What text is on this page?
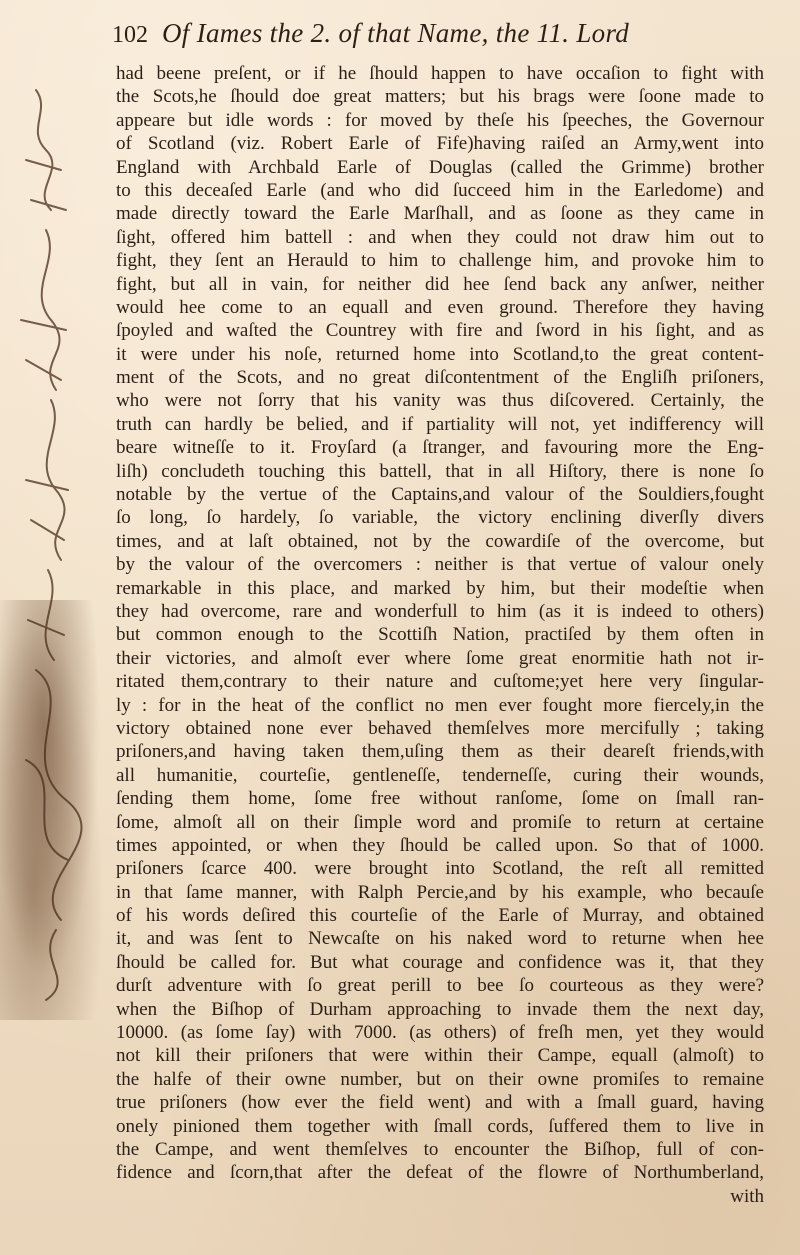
102 Of Iames the 2. of that Name, the 11. Lord
had beene preſent, or if he ſhould happen to have occaſion to fight with
the Scots,he ſhould doe great matters; but his brags were ſoone made to
appeare but idle words : for moved by theſe his ſpeeches, the Governour
of Scotland (viz. Robert Earle of Fife)having raiſed an Army,went into
England with Archbald Earle of Douglas (called the Grimme) brother
to this deceaſed Earle (and who did ſucceed him in the Earledome) and
made directly toward the Earle Marſhall, and as ſoone as they came in
ſight, offered him battell : and when they could not draw him out to
fight, they ſent an Herauld to him to challenge him, and provoke him to
fight, but all in vain, for neither did hee ſend back any anſwer, neither
would hee come to an equall and even ground. Therefore they having
ſpoyled and waſted the Countrey with fire and ſword in his ſight, and as
it were under his noſe, returned home into Scotland,to the great content-
ment of the Scots, and no great diſcontentment of the Engliſh priſoners,
who were not ſorry that his vanity was thus diſcovered. Certainly, the
truth can hardly be belied, and if partiality will not, yet indifferency will
beare witneſſe to it. Froyſard (a ſtranger, and favouring more the Eng-
liſh) concludeth touching this battell, that in all Hiſtory, there is none ſo
notable by the vertue of the Captains,and valour of the Souldiers,fought
ſo long, ſo hardely, ſo variable, the victory enclining diverſly divers
times, and at laſt obtained, not by the cowardiſe of the overcome, but
by the valour of the overcomers : neither is that vertue of valour onely
remarkable in this place, and marked by him, but their modeſtie when
they had overcome, rare and wonderfull to him (as it is indeed to others)
but common enough to the Scottiſh Nation, practiſed by them often in
their victories, and almoſt ever where ſome great enormitie hath not ir-
ritated them,contrary to their nature and cuſtome;yet here very ſingular-
ly : for in the heat of the conflict no men ever fought more fiercely,in the
victory obtained none ever behaved themſelves more mercifully ; taking
priſoners,and having taken them,uſing them as their deareſt friends,with
all humanitie, courteſie, gentleneſſe, tenderneſſe, curing their wounds,
ſending them home, ſome free without ranſome, ſome on ſmall ran-
ſome, almoſt all on their ſimple word and promiſe to return at certaine
times appointed, or when they ſhould be called upon. So that of 1000.
priſoners ſcarce 400. were brought into Scotland, the reſt all remitted
in that ſame manner, with Ralph Percie,and by his example, who becauſe
of his words deſired this courteſie of the Earle of Murray, and obtained
it, and was ſent to Newcaſte on his naked word to returne when hee
ſhould be called for. But what courage and confidence was it, that they
durſt adventure with ſo great perill to bee ſo courteous as they were?
when the Biſhop of Durham approaching to invade them the next day,
10000. (as ſome ſay) with 7000. (as others) of freſh men, yet they would
not kill their priſoners that were within their Campe, equall (almoſt) to
the halfe of their owne number, but on their owne promiſes to remaine
true priſoners (how ever the field went) and with a ſmall guard, having
onely pinioned them together with ſmall cords, ſuffered them to live in
the Campe, and went themſelves to encounter the Biſhop, full of con-
fidence and ſcorn,that after the defeat of the flowre of Northumberland,
with
